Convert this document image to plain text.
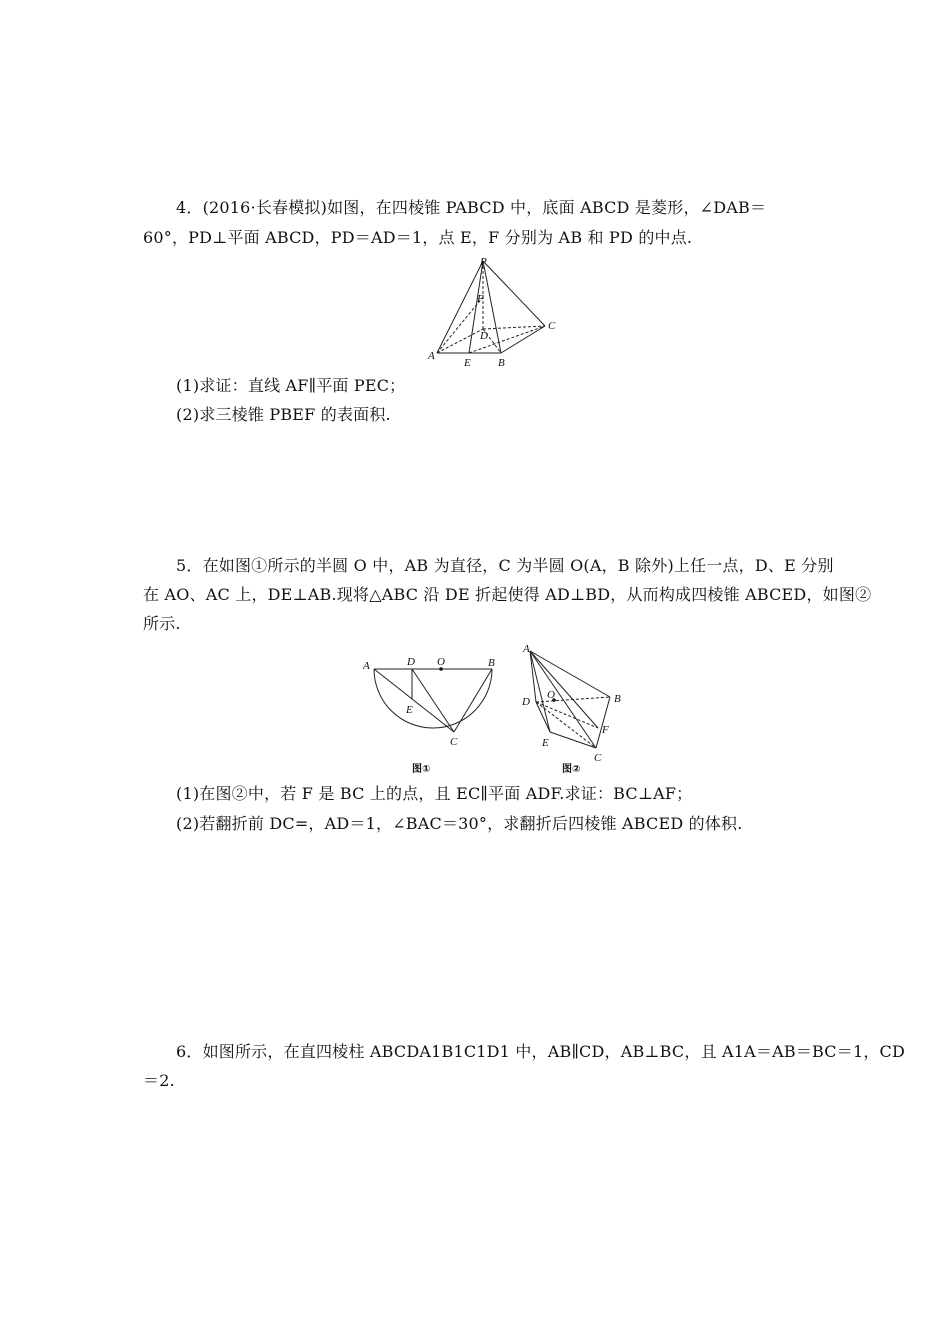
4．(2016·长春模拟)如图，在四棱锥 PABCD 中，底面 ABCD 是菱形，∠DAB＝
60°，PD⊥平面 ABCD，PD＝AD＝1，点 E，F 分别为 AB 和 PD 的中点.
P
F
D
C
A
E B
(1)求证：直线 AF∥平面 PEC；
(2)求三棱锥 PBEF 的表面积.
5．在如图①所示的半圆 O 中，AB 为直径，C 为半圆 O(A，B 除外)上任一点，D、E 分别
在 AO、AC 上，DE⊥AB.现将△ABC 沿 DE 折起使得 AD⊥BD，从而构成四棱锥 ABCED，如图②
所示.
A	D O	B
E
C
图①
A
O	B
D
F
E
C
图②
(1)在图②中，若 F 是 BC 上的点，且 EC∥平面 ADF.求证：BC⊥AF；
(2)若翻折前 DC=，AD＝1，∠BAC＝30°，求翻折后四棱锥 ABCED 的体积.
6．如图所示，在直四棱柱 ABCDA1B1C1D1 中，AB∥CD，AB⊥BC，且 A1A＝AB＝BC＝1，CD
＝2.
